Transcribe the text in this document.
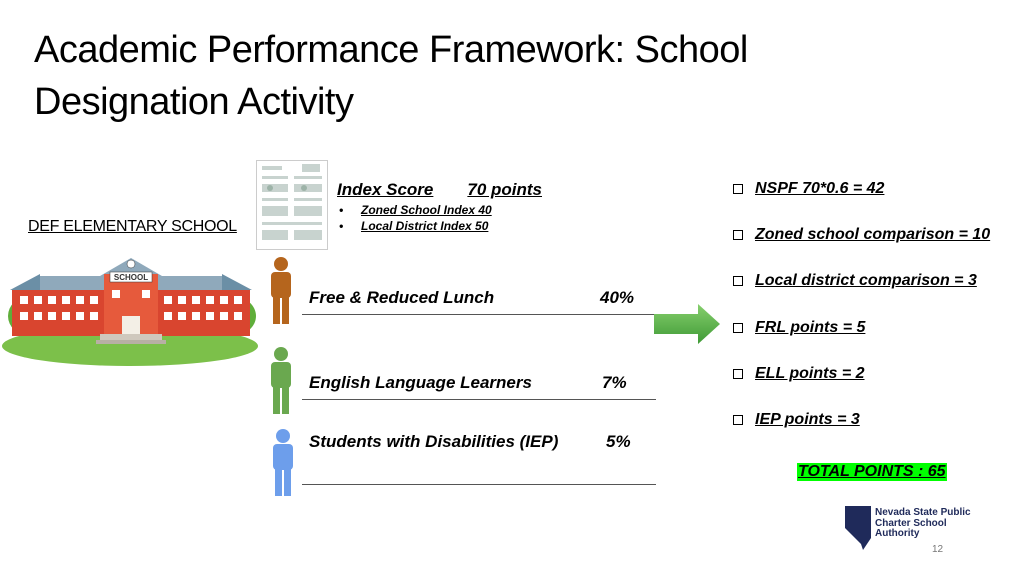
Academic Performance Framework: School
Designation Activity
DEF ELEMENTARY SCHOOL
SCHOOL
Index Score 70 points
• Zoned School Index 40
• Local District Index 50
Free & Reduced Lunch	40%
English Language Learners	7%
Students with Disabilities (IEP)	5%
NSPF 70*0.6 = 42
Zoned school comparison = 10
Local district comparison = 3
FRL points = 5
ELL points = 2
IEP points = 3
TOTAL POINTS : 65
Nevada State Public
Charter School
Authority
12
